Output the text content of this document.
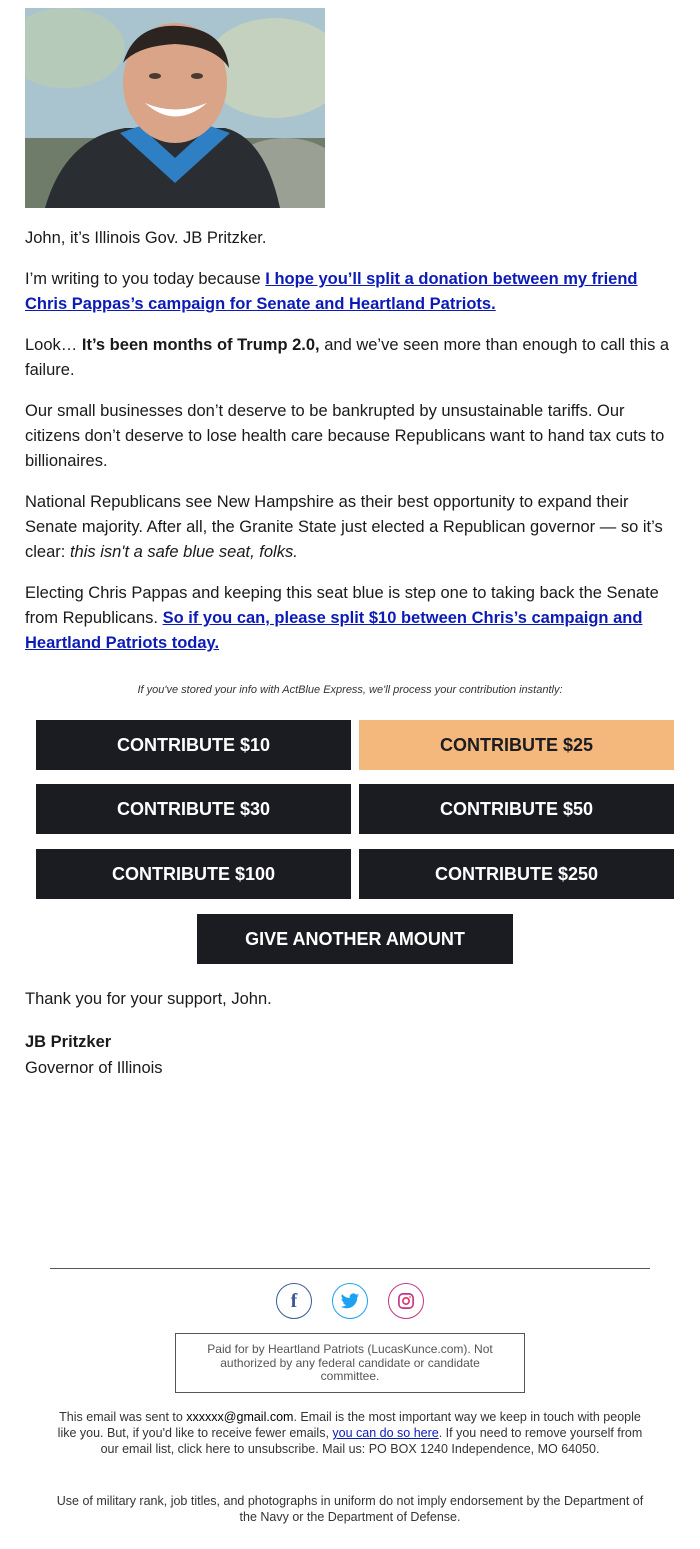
John, it’s Illinois Gov. JB Pritzker.

I’m writing to you today because I hope you’ll split a donation between my friend Chris Pappas’s campaign for Senate and Heartland Patriots.

Look… It’s been months of Trump 2.0, and we’ve seen more than enough to call this a failure.

Our small businesses don’t deserve to be bankrupted by unsustainable tariffs. Our citizens don’t deserve to lose health care because Republicans want to hand tax cuts to billionaires.

National Republicans see New Hampshire as their best opportunity to expand their Senate majority. After all, the Granite State just elected a Republican governor — so it’s clear: this isn't a safe blue seat, folks.

Electing Chris Pappas and keeping this seat blue is step one to taking back the Senate from Republicans. So if you can, please split $10 between Chris’s campaign and Heartland Patriots today.

If you've stored your info with ActBlue Express, we'll process your contribution instantly:
CONTRIBUTE $10	CONTRIBUTE $25
CONTRIBUTE $30	CONTRIBUTE $50
CONTRIBUTE $100	CONTRIBUTE $250
GIVE ANOTHER AMOUNT
Thank you for your support, John.
JB Pritzker
Governor of Illinois
f
Paid for by Heartland Patriots (LucasKunce.com). Not authorized by any federal candidate or candidate committee.
This email was sent to xxxxxx@gmail.com. Email is the most important way we keep in touch with people like you. But, if you'd like to receive fewer emails, you can do so here. If you need to remove yourself from our email list, click here to unsubscribe. Mail us: PO BOX 1240 Independence, MO 64050.
Use of military rank, job titles, and photographs in uniform do not imply endorsement by the Department of the Navy or the Department of Defense.
